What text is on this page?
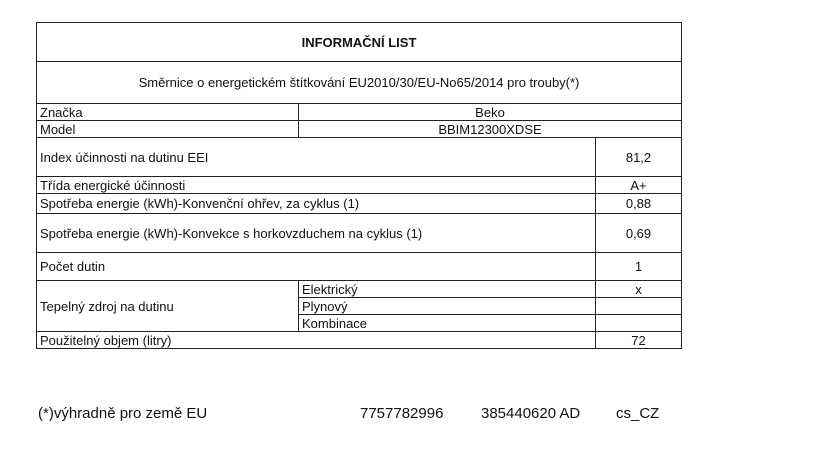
INFORMAČNÍ LIST		
Směrnice o energetickém štítkování EU2010/30/EU-No65/2014 pro trouby(*)		
Značka	Beko	
Model	BBIM12300XDSE	
Index účinnosti na dutinu EEI		81,2
Třída energické účinnosti		A+
Spotřeba energie (kWh)-Konvenční ohřev, za cyklus (1)		0,88
Spotřeba energie (kWh)-Konvekce s horkovzduchem na cyklus (1)		0,69
Počet dutin		1
Tepelný zdroj na dutinu	Elektrický	x
	Plynový	
	Kombinace	
Použitelný objem (litry)		72
(*)výhradně pro země EU	7757782996	385440620 AD cs_CZ
